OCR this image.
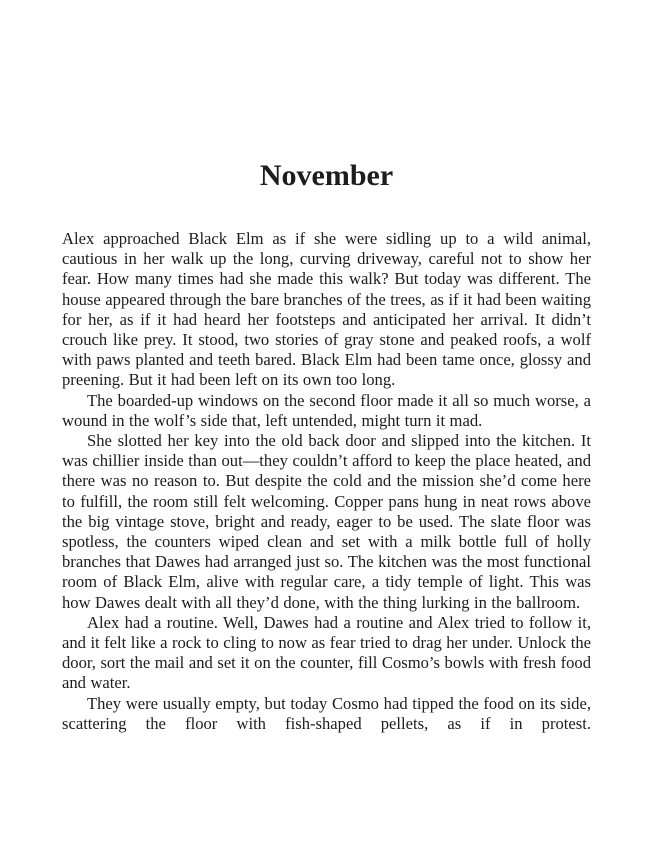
November

Alex approached Black Elm as if she were sidling up to a wild animal, cautious in her walk up the long, curving driveway, careful not to show her fear. How many times had she made this walk? But today was different. The house appeared through the bare branches of the trees, as if it had been waiting for her, as if it had heard her footsteps and anticipated her arrival. It didn’t crouch like prey. It stood, two stories of gray stone and peaked roofs, a wolf with paws planted and teeth bared. Black Elm had been tame once, glossy and preening. But it had been left on its own too long.

The boarded-up windows on the second floor made it all so much worse, a wound in the wolf’s side that, left untended, might turn it mad.

She slotted her key into the old back door and slipped into the kitchen. It was chillier inside than out—they couldn’t afford to keep the place heated, and there was no reason to. But despite the cold and the mission she’d come here to fulfill, the room still felt welcoming. Copper pans hung in neat rows above the big vintage stove, bright and ready, eager to be used. The slate floor was spotless, the counters wiped clean and set with a milk bottle full of holly branches that Dawes had arranged just so. The kitchen was the most functional room of Black Elm, alive with regular care, a tidy temple of light. This was how Dawes dealt with all they’d done, with the thing lurking in the ballroom.

Alex had a routine. Well, Dawes had a routine and Alex tried to follow it, and it felt like a rock to cling to now as fear tried to drag her under. Unlock the door, sort the mail and set it on the counter, fill Cosmo’s bowls with fresh food and water.

They were usually empty, but today Cosmo had tipped the food on its side, scattering the floor with fish-shaped pellets, as if in protest.
